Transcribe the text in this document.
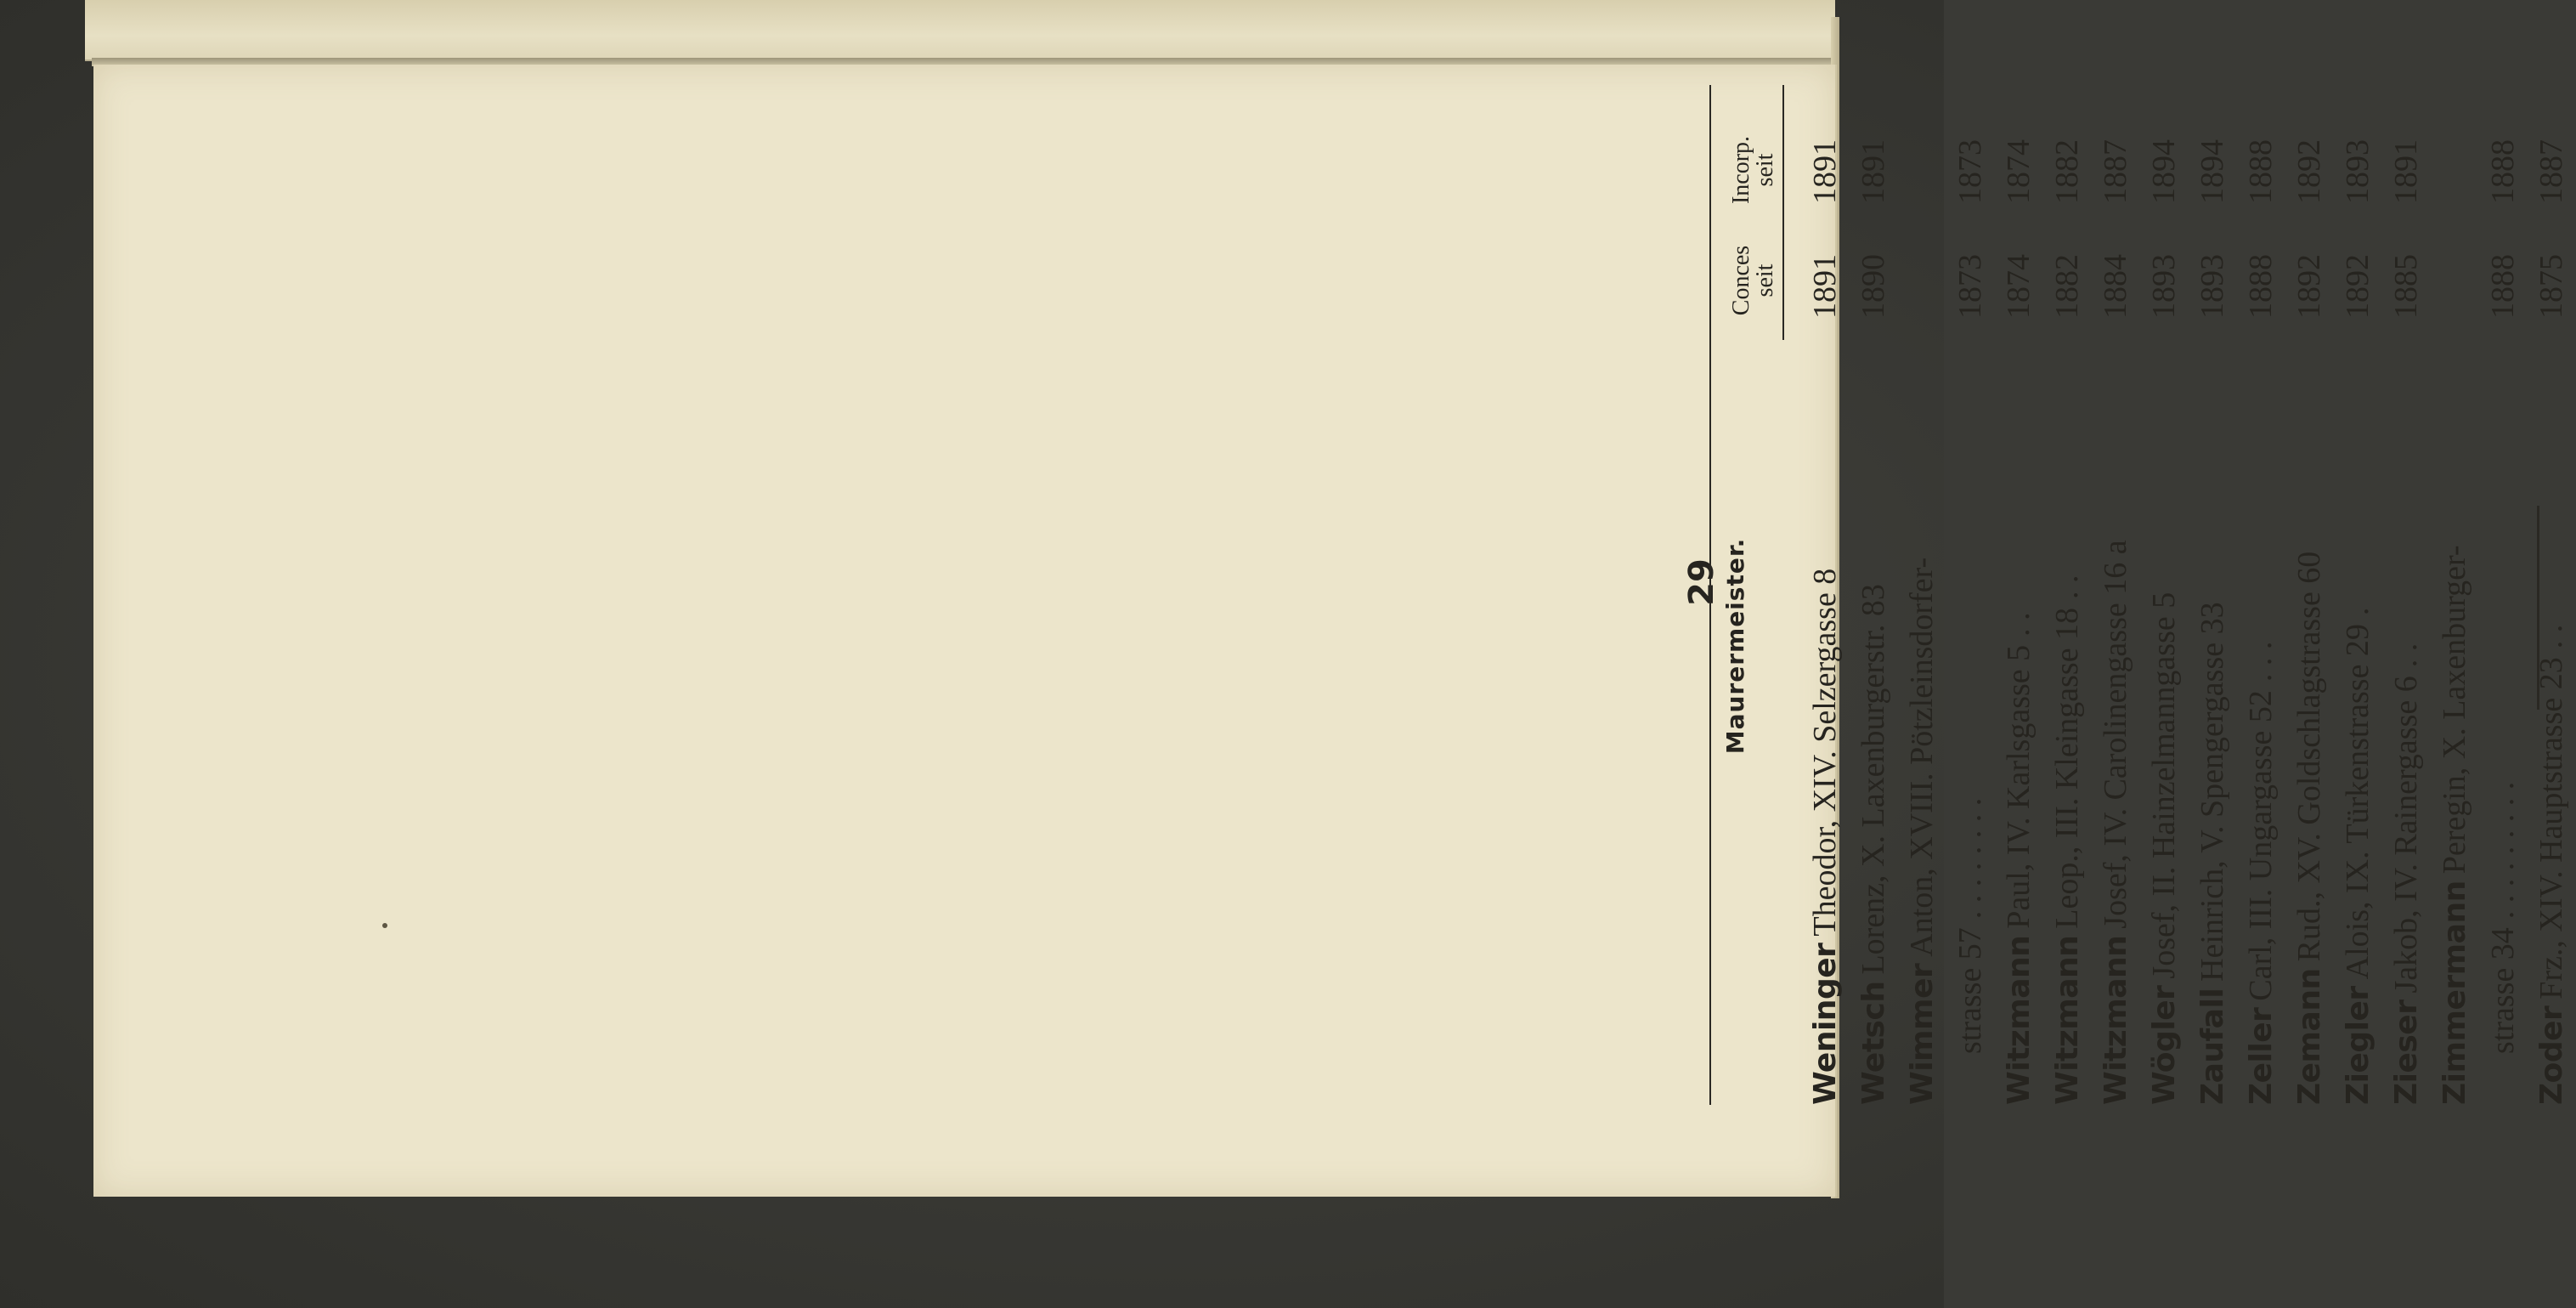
29 Maurermeister.
Conces seit
Incorp. seit
WeningerTheodor, XIV. Selzergasse 8
1891
1891
WetschLorenz, X. Laxenburgerstr. 83
1890
1891
WimmerAnton, XVIII. Pötzleinsdorfer-
strasse 57. . . . . . . .
1873
1873
WitzmannPaul, IV. Karlsgasse 5. .
1874
1874
WitzmannLeop., III. Kleingasse 18. .
1882
1882
WitzmannJosef, IV. Carolinengasse 16 a
1884
1887
WöglerJosef, II. Hainzelmanngasse 5
1893
1894
ZaufallHeinrich, V. Spengergasse 33
1893
1894
ZellerCarl, III. Ungargasse 52. . .
1888
1888
ZemannRud., XV. Goldschlagstrasse 60
1892
1892
ZieglerAlois, IX. Türkenstrasse 29.
1892
1893
ZieserJakob, IV. Rainergasse 6. .
1885
1891
ZimmermannPeregin, X. Laxenburger-
strasse 34. . . . . . . . .
1888
1888
ZoderFrz., XIV. Hauptstrasse 23. .
1875
1887
